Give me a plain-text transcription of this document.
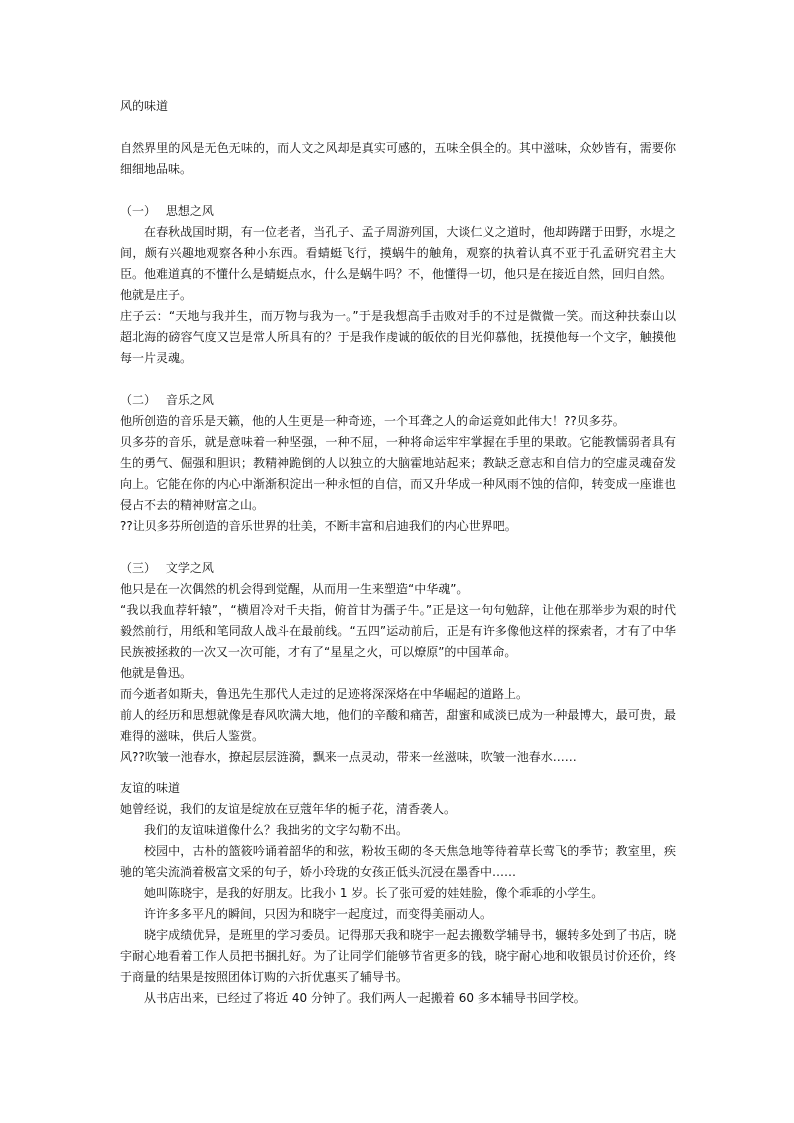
风的味道

自然界里的风是无色无味的，而人文之风却是真实可感的，五味全俱全的。其中滋味，众妙皆有，需要你细细地品味。

（一） 思想之风

在春秋战国时期，有一位老者，当孔子、孟子周游列国，大谈仁义之道时，他却踌躇于田野，水堤之间，颇有兴趣地观察各种小东西。看蜻蜓飞行，摸蜗牛的触角，观察的执着认真不亚于孔孟研究君主大臣。他难道真的不懂什么是蜻蜓点水，什么是蜗牛吗？不，他懂得一切，他只是在接近自然，回归自然。

他就是庄子。

庄子云：“天地与我并生，而万物与我为一。”于是我想高手击败对手的不过是微微一笑。而这种扶泰山以超北海的磅容气度又岂是常人所具有的？于是我作虔诚的皈依的目光仰慕他，抚摸他每一个文字，触摸他每一片灵魂。

（二） 音乐之风

他所创造的音乐是天籁，他的人生更是一种奇迹，一个耳聋之人的命运竟如此伟大！??贝多芬。

贝多芬的音乐，就是意味着一种坚强，一种不屈，一种将命运牢牢掌握在手里的果敢。它能教懦弱者具有生的勇气、倔强和胆识；教精神跪倒的人以独立的大脑霍地站起来；教缺乏意志和自信力的空虚灵魂奋发向上。它能在你的内心中渐渐积淀出一种永恒的自信，而又升华成一种风雨不蚀的信仰，转变成一座谁也侵占不去的精神财富之山。

??让贝多芬所创造的音乐世界的壮美，不断丰富和启迪我们的内心世界吧。

（三） 文学之风

他只是在一次偶然的机会得到觉醒，从而用一生来塑造“中华魂”。

“我以我血荐轩辕”，“横眉冷对千夫指，俯首甘为孺子牛。”正是这一句句勉辞，让他在那举步为艰的时代毅然前行，用纸和笔同敌人战斗在最前线。“五四”运动前后，正是有许多像他这样的探索者，才有了中华民族被拯救的一次又一次可能，才有了“星星之火，可以燎原”的中国革命。

他就是鲁迅。

而今逝者如斯夫，鲁迅先生那代人走过的足迹将深深烙在中华崛起的道路上。

前人的经历和思想就像是春风吹满大地，他们的辛酸和痛苦，甜蜜和咸淡已成为一种最博大，最可贵，最难得的滋味，供后人鉴赏。

风??吹皱一池春水，撩起层层涟漪，飘来一点灵动，带来一丝滋味，吹皱一池春水……

友谊的味道

她曾经说，我们的友谊是绽放在豆蔻年华的栀子花，清香袭人。

我们的友谊味道像什么？我拙劣的文字勾勒不出。

校园中，古朴的篮筱吟诵着韶华的和弦，粉妆玉砌的冬天焦急地等待着草长莺飞的季节；教室里，疾驰的笔尖流淌着极富文采的句子，娇小玲珑的女孩正低头沉浸在墨香中……

她叫陈晓宇，是我的好朋友。比我小 1 岁。长了张可爱的娃娃脸，像个乖乖的小学生。

许许多多平凡的瞬间，只因为和晓宇一起度过，而变得美丽动人。

晓宇成绩优异，是班里的学习委员。记得那天我和晓宇一起去搬数学辅导书，辗转多处到了书店，晓宇耐心地看着工作人员把书捆扎好。为了让同学们能够节省更多的钱，晓宇耐心地和收银员讨价还价，终于商量的结果是按照团体订购的六折优惠买了辅导书。

从书店出来，已经过了将近 40 分钟了。我们两人一起搬着 60 多本辅导书回学校。
